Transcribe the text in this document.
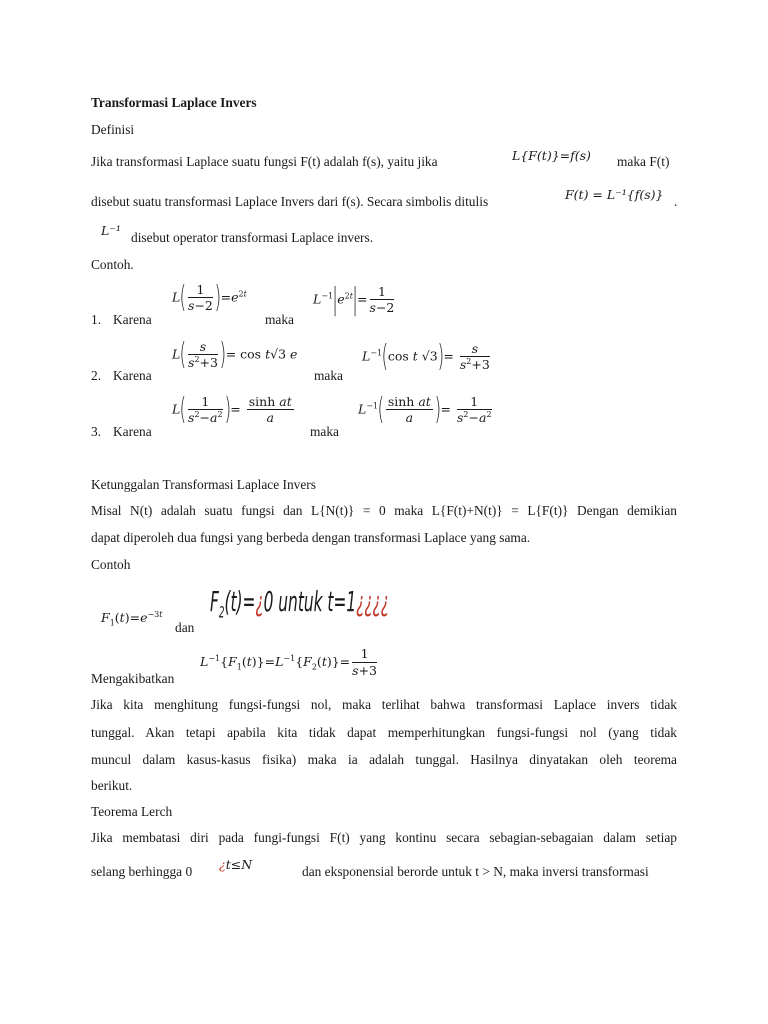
Transformasi Laplace Invers
Definisi
Jika transformasi Laplace suatu fungsi F(t) adalah f(s), yaitu jika	L{F(t)}=f(s) maka F(t)
disebut suatu transformasi Laplace Invers dari f(s). Secara simbolis ditulis	F(t) = L⁻¹{f(s)} .
L⁻¹ disebut operator transformasi Laplace invers.
Contoh.
1. Karena
$L( \frac{1}{s-2} )=e^{2t}$
maka
$L^{-1}|e^{2t}|= \frac{1}{s-2}$
2. Karena
$L( \frac{s}{s^2+3}$ )= cos t√3 e
maka
$L^{-1}(\cos$ t $√3)= \frac{s}{s^2+3}$
3. Karena
$L( \frac{1}{s^2-a^2}$ )= $\frac{\text{sinh at}}{a}$
maka
$L^{-1}( \frac{\text{sinh at}}{a}$ )= $\frac{1}{s^2-a^2}$
Ketunggalan Transformasi Laplace Invers
Misal N(t) adalah suatu fungsi dan L{N(t)} = 0 maka L{F(t)+N(t)} = L{F(t)} Dengan demikian
dapat diperoleh dua fungsi yang berbeda dengan transformasi Laplace yang sama.
Contoh
$F_1(t)=e^{-3t}$
dan
$F_2(t)=¿0$ untuk t=1¿¿¿¿
$L^{-1}\{F_1(t)\}=L^{-1}\{F_2(t)\}= \frac{1}{s+3}$
Mengakibatkan
Jika kita menghitung fungsi-fungsi nol, maka terlihat bahwa transformasi Laplace invers tidak
tunggal. Akan tetapi apabila kita tidak dapat memperhitungkan fungsi-fungsi nol (yang tidak
muncul dalam kasus-kasus fisika) maka ia adalah tunggal. Hasilnya dinyatakan oleh teorema
berikut.
Teorema Lerch
Jika membatasi diri pada fungi-fungsi F(t) yang kontinu secara sebagian-sebagaian dalam setiap
selang berhingga 0 ¿t≤N	dan eksponensial berorde untuk t > N, maka inversi transformasi
